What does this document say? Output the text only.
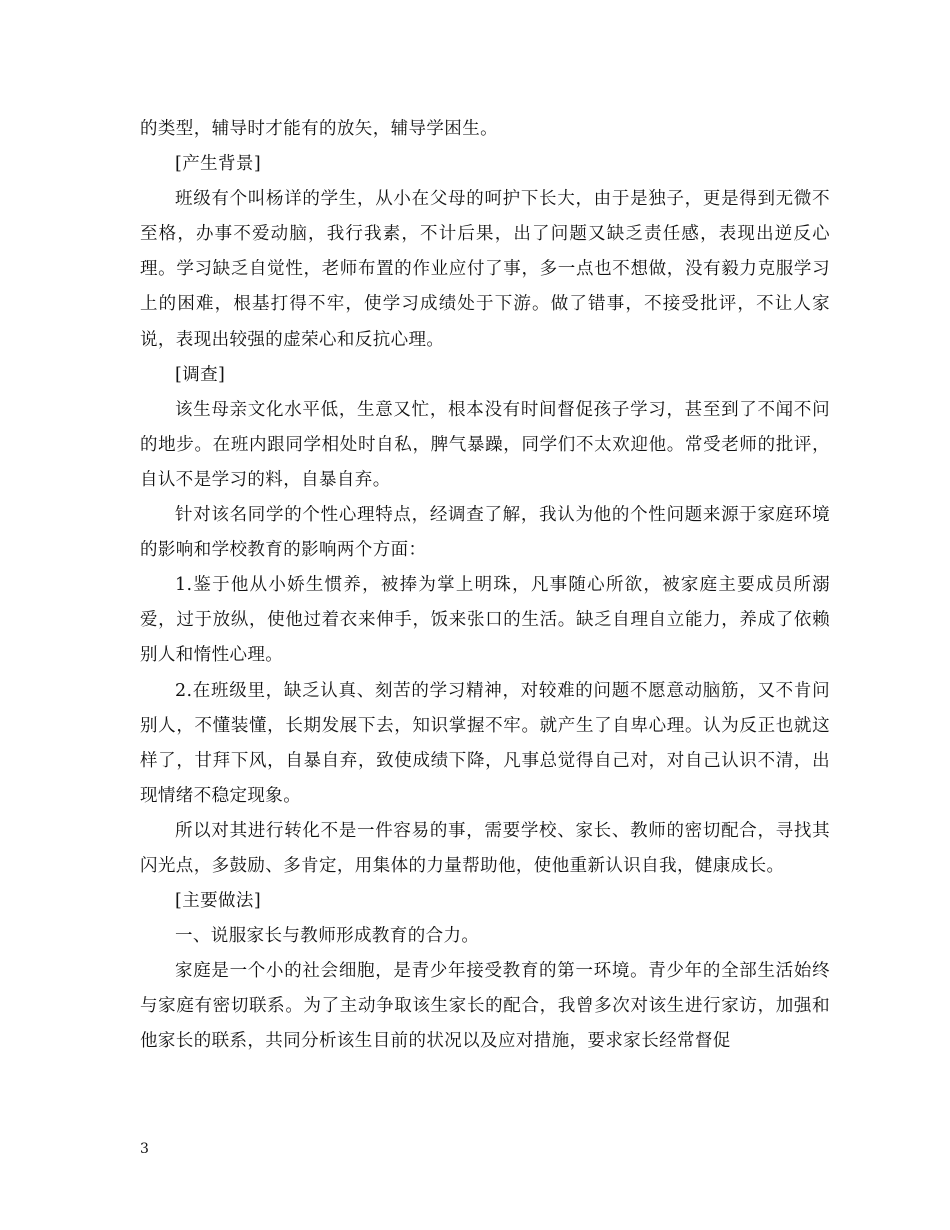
的类型，辅导时才能有的放矢，辅导学困生。

[产生背景]

班级有个叫杨详的学生，从小在父母的呵护下长大，由于是独子，更是得到无微不至格，办事不爱动脑，我行我素，不计后果，出了问题又缺乏责任感，表现出逆反心理。学习缺乏自觉性，老师布置的作业应付了事，多一点也不想做，没有毅力克服学习上的困难，根基打得不牢，使学习成绩处于下游。做了错事，不接受批评，不让人家说，表现出较强的虚荣心和反抗心理。

[调查]

该生母亲文化水平低，生意又忙，根本没有时间督促孩子学习，甚至到了不闻不问的地步。在班内跟同学相处时自私，脾气暴躁，同学们不太欢迎他。常受老师的批评，自认不是学习的料，自暴自弃。

针对该名同学的个性心理特点，经调查了解，我认为他的个性问题来源于家庭环境的影响和学校教育的影响两个方面：

1.鉴于他从小娇生惯养，被捧为掌上明珠，凡事随心所欲，被家庭主要成员所溺爱，过于放纵，使他过着衣来伸手，饭来张口的生活。缺乏自理自立能力，养成了依赖别人和惰性心理。

2.在班级里，缺乏认真、刻苦的学习精神，对较难的问题不愿意动脑筋，又不肯问别人，不懂装懂，长期发展下去，知识掌握不牢。就产生了自卑心理。认为反正也就这样了，甘拜下风，自暴自弃，致使成绩下降，凡事总觉得自己对，对自己认识不清，出现情绪不稳定现象。

所以对其进行转化不是一件容易的事，需要学校、家长、教师的密切配合，寻找其闪光点，多鼓励、多肯定，用集体的力量帮助他，使他重新认识自我，健康成长。

[主要做法]

一、说服家长与教师形成教育的合力。

家庭是一个小的社会细胞，是青少年接受教育的第一环境。青少年的全部生活始终与家庭有密切联系。为了主动争取该生家长的配合，我曾多次对该生进行家访，加强和他家长的联系，共同分析该生目前的状况以及应对措施，要求家长经常督促

3
